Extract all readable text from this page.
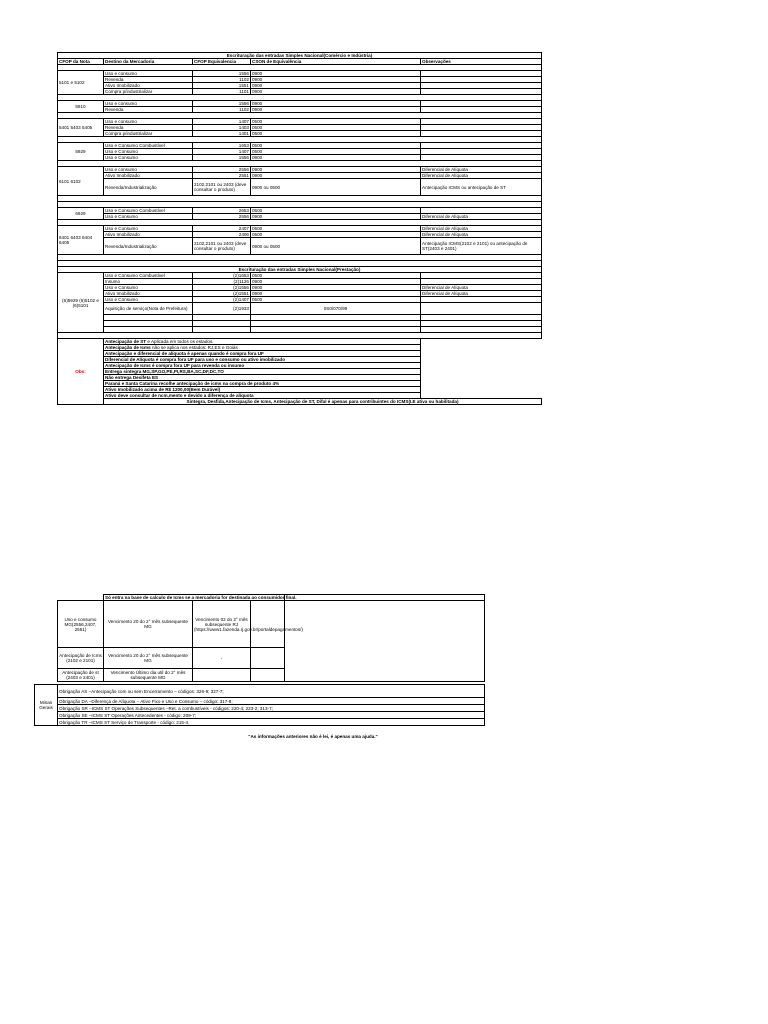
Escrituração das entradas Simples Nacional(Comércio e Indústria)				
CFOP da Nota	Destino da Mercadoria	CFOP Equivalencia	CSON de Equivalência	Observações

5101 e 5102	Uso e consumo	1556	0900	
	Revenda	1102	0900	
	Ativo Imobilizado	1551	0900	
	Compra p/industrializar	1101	0900	

5910	Uso e consumo	1556	0900	
	Revenda	1102	0900	

5401 5403 5405	Uso e consumo	1407	0500	
	Revenda	1403	0500	
	Compra p/industrializar	1401	0500	

5929	Uso e Consumo Combustível	1653	0500	
	Uso e Consumo	1407	0500	
	Uso e Consumo	1556	0900	

6101 6102	Uso e consumo	2556	0900	Diferencial de Alíquota
	Ativo Imobilizado	2551	0900	Diferencial de Alíquota
	Revenda/Industrialização	2102,2101 ou 2403 (deve consultar o produto)	0900 ou 0500	Antecipação ICMS ou antecipação de ST

6929	Uso e Consumo Combustível	2653	0500	
	Uso e Consumo	2556	0900	Diferencial de Alíquota

6401 6403 6404 6405	Uso e Consumo	2407	0500	Diferencial de Alíquota
	Ativo Imobilizado	2406	0500	Diferencial de Alíquota
	Revenda/Industrialização	2102,2101 ou 2403 (deve consultar o produto)	0900 ou 0500	Antecipação ICMS(2102 e 2101) ou antecipação de ST(2403 e 2401)

Escrituração das entradas Simples Nacional(Prestação)				
(6)5929 (6)5102 e (6)5101	Uso e Consumo Combustível	(2)1653	0500	
	Insumo	(2)1126	0900	
	Uso e Consumo	(2)1556	0900	Diferencial de Alíquota
	Ativo Imobilizado	(2)1551	0900	Diferencial de Alíquota
	Uso e Consumo	(2)1407	0500	
	Aquisição de serviço(Nota de Prefeitura)	(2)1933	0S0/070/99	

Obs:	Antecipação de ST e Aplicada em todos os estados.			
	Antecipação de Icms não se aplica nos estados: RJ,ES e Goiás			
	Antecipação e diferencial de alíquota é apenas quando é compra fora UF			
	Diferencial de Alíquota é compra fora UF para uso e consumo ou ativo imobilizado			
	Antecipação de Icms é compra fora UF para revenda ou insumo			
	Entrega sintegra MG,SP,GO,PE,PI,RS,BA,SC,DF,DC,TO			
	Não entrega Desifeta ES			
	Paraná e Santa Catarina recolhe antecipação de icms na compra de produto 4%			
	Ativo Imobilizado acima de R$ 1200,00(Bem Durável)			
	Ativo deve consultar de ncm,mento e devido a diferença de alíquota			
	Sintegra, Desfida,Antecipação de Icms, Antecipação de ST, Difal é apenas para contribuintes do ICMS(I.E ativa ou habilitada)			
	Só entra na base de calculo de Icms se a mercadoria for destinada ao consumidor final.			
Uso e consumo MG(2556,2407, 2551)	Vencimento 20 do 2° mês subsequente MG	Vencimento 02 do 2° mês subsequente RJ (https://www1.fazenda.rj.gov.br/portaldepagamentos/)		
Antecipação de Icms (2102 e 2101)	Vencimento 20 do 2° mês subsequente MG	-		
Antecipação de st (2403 e 2401)	Vencimento Último dia util do 2° mês subsequente MG			
Minas Gerais	Obrigação AS –Antecipação com ou sem Encerramento – códigos: 326-9; 327-7;
Obrigação DA –Diferença de Alíquota – Ativo Fixo e Uso e Consumo – código: 317-8;
Obrigação SR –ICMS ST Operações Subsequentes –Ret. a combustíveis - códigos: 220-4; 223-2; 313-7;
Obrigação SE –ICMS ST Operações Antecedentes - código: 209-7;
Obrigação TR –ICMS ST Serviço de Transporte - código: 215-4.
"As informações anteriores não é lei, é apenas uma ajuda."
